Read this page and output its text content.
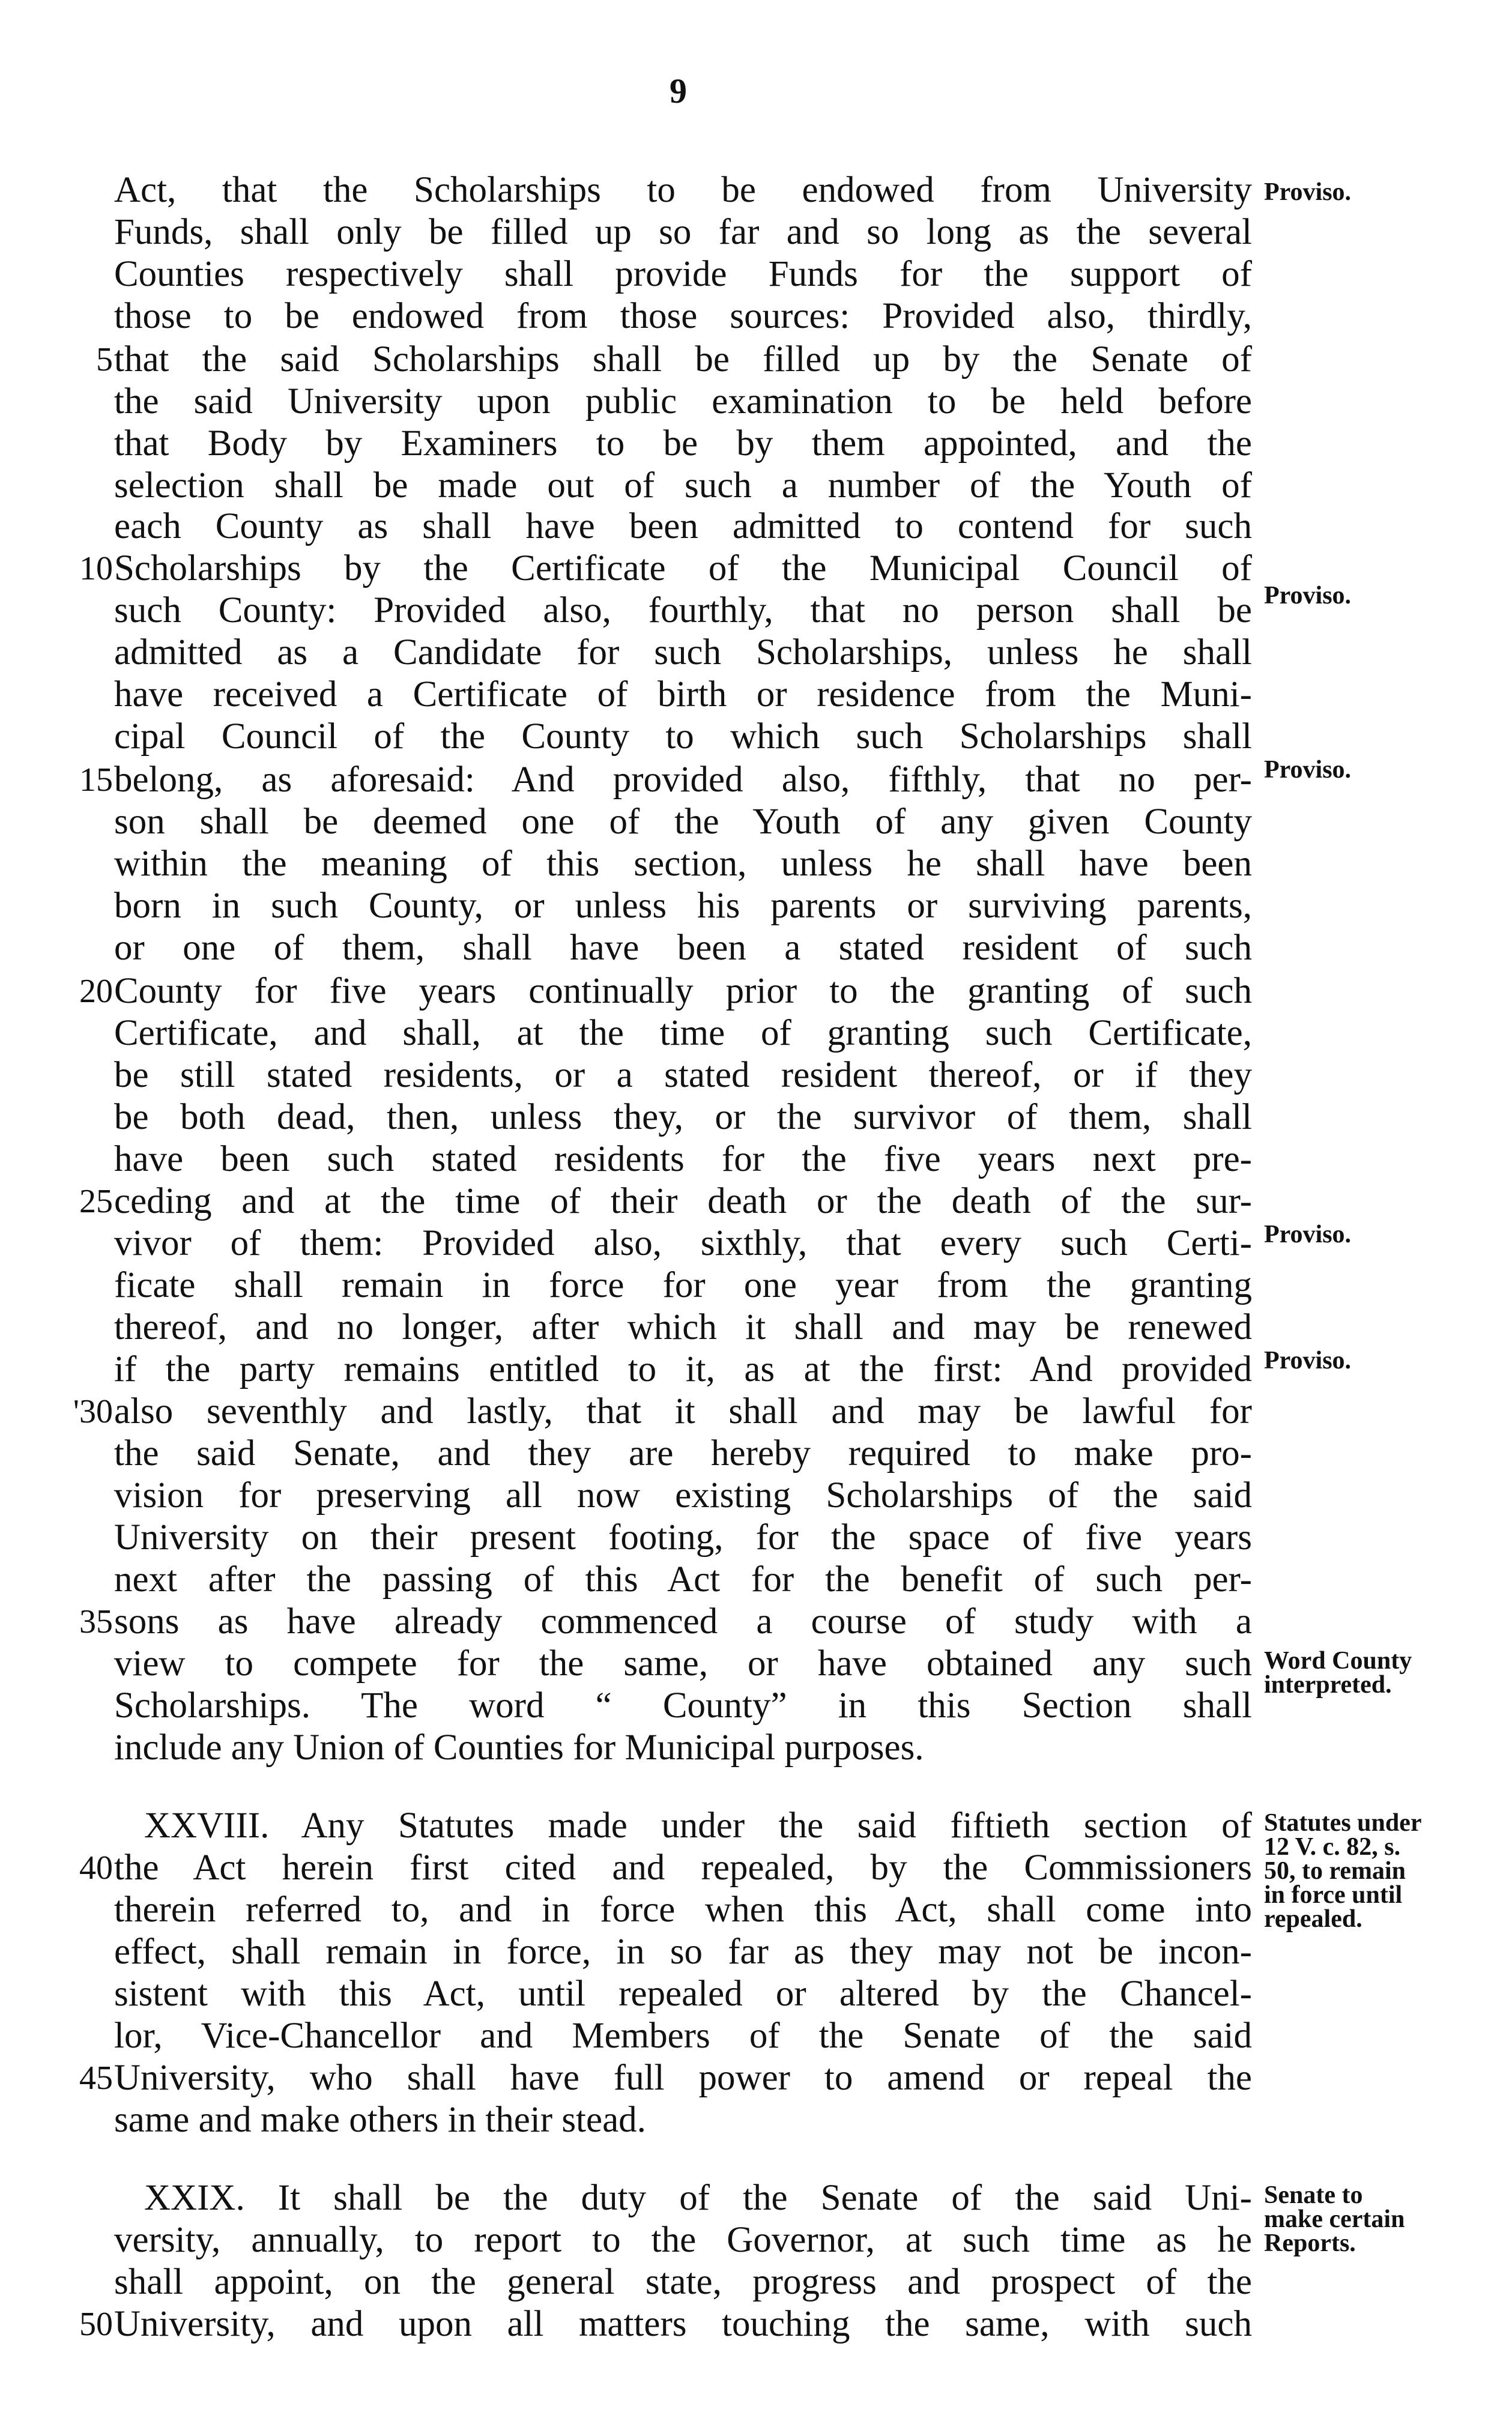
9
Act, that the Scholarships to be endowed from University
Funds, shall only be filled up so far and so long as the several
Counties respectively shall provide Funds for the support of
those to be endowed from those sources: Provided also, thirdly,
5 that the said Scholarships shall be filled up by the Senate of
the said University upon public examination to be held before
that Body by Examiners to be by them appointed, and the
selection shall be made out of such a number of the Youth of
each County as shall have been admitted to contend for such
10 Scholarships by the Certificate of the Municipal Council of
such County: Provided also, fourthly, that no person shall be
admitted as a Candidate for such Scholarships, unless he shall
have received a Certificate of birth or residence from the Muni-
cipal Council of the County to which such Scholarships shall
15 belong, as aforesaid: And provided also, fifthly, that no per-
son shall be deemed one of the Youth of any given County
within the meaning of this section, unless he shall have been
born in such County, or unless his parents or surviving parents,
or one of them, shall have been a stated resident of such
20 County for five years continually prior to the granting of such
Certificate, and shall, at the time of granting such Certificate,
be still stated residents, or a stated resident thereof, or if they
be both dead, then, unless they, or the survivor of them, shall
have been such stated residents for the five years next pre-
25 ceding and at the time of their death or the death of the sur-
vivor of them: Provided also, sixthly, that every such Certi-
ficate shall remain in force for one year from the granting
thereof, and no longer, after which it shall and may be renewed
if the party remains entitled to it, as at the first: And provided
'30 also seventhly and lastly, that it shall and may be lawful for
the said Senate, and they are hereby required to make pro-
vision for preserving all now existing Scholarships of the said
University on their present footing, for the space of five years
next after the passing of this Act for the benefit of such per-
35 sons as have already commenced a course of study with a
view to compete for the same, or have obtained any such
Scholarships. The word “ County” in this Section shall
include any Union of Counties for Municipal purposes.
XXVIII. Any Statutes made under the said fiftieth section of
40 the Act herein first cited and repealed, by the Commissioners
therein referred to, and in force when this Act, shall come into
effect, shall remain in force, in so far as they may not be incon-
sistent with this Act, until repealed or altered by the Chancel-
lor, Vice-Chancellor and Members of the Senate of the said
45 University, who shall have full power to amend or repeal the
same and make others in their stead.
XXIX. It shall be the duty of the Senate of the said Uni-
versity, annually, to report to the Governor, at such time as he
shall appoint, on the general state, progress and prospect of the
50 University, and upon all matters touching the same, with such
Proviso.
Proviso.
Proviso.
Proviso.
Proviso.
Word County
interpreted.
Statutes under
12 V. c. 82, s.
50, to remain
in force until
repealed.
Senate to
make certain
Reports.
